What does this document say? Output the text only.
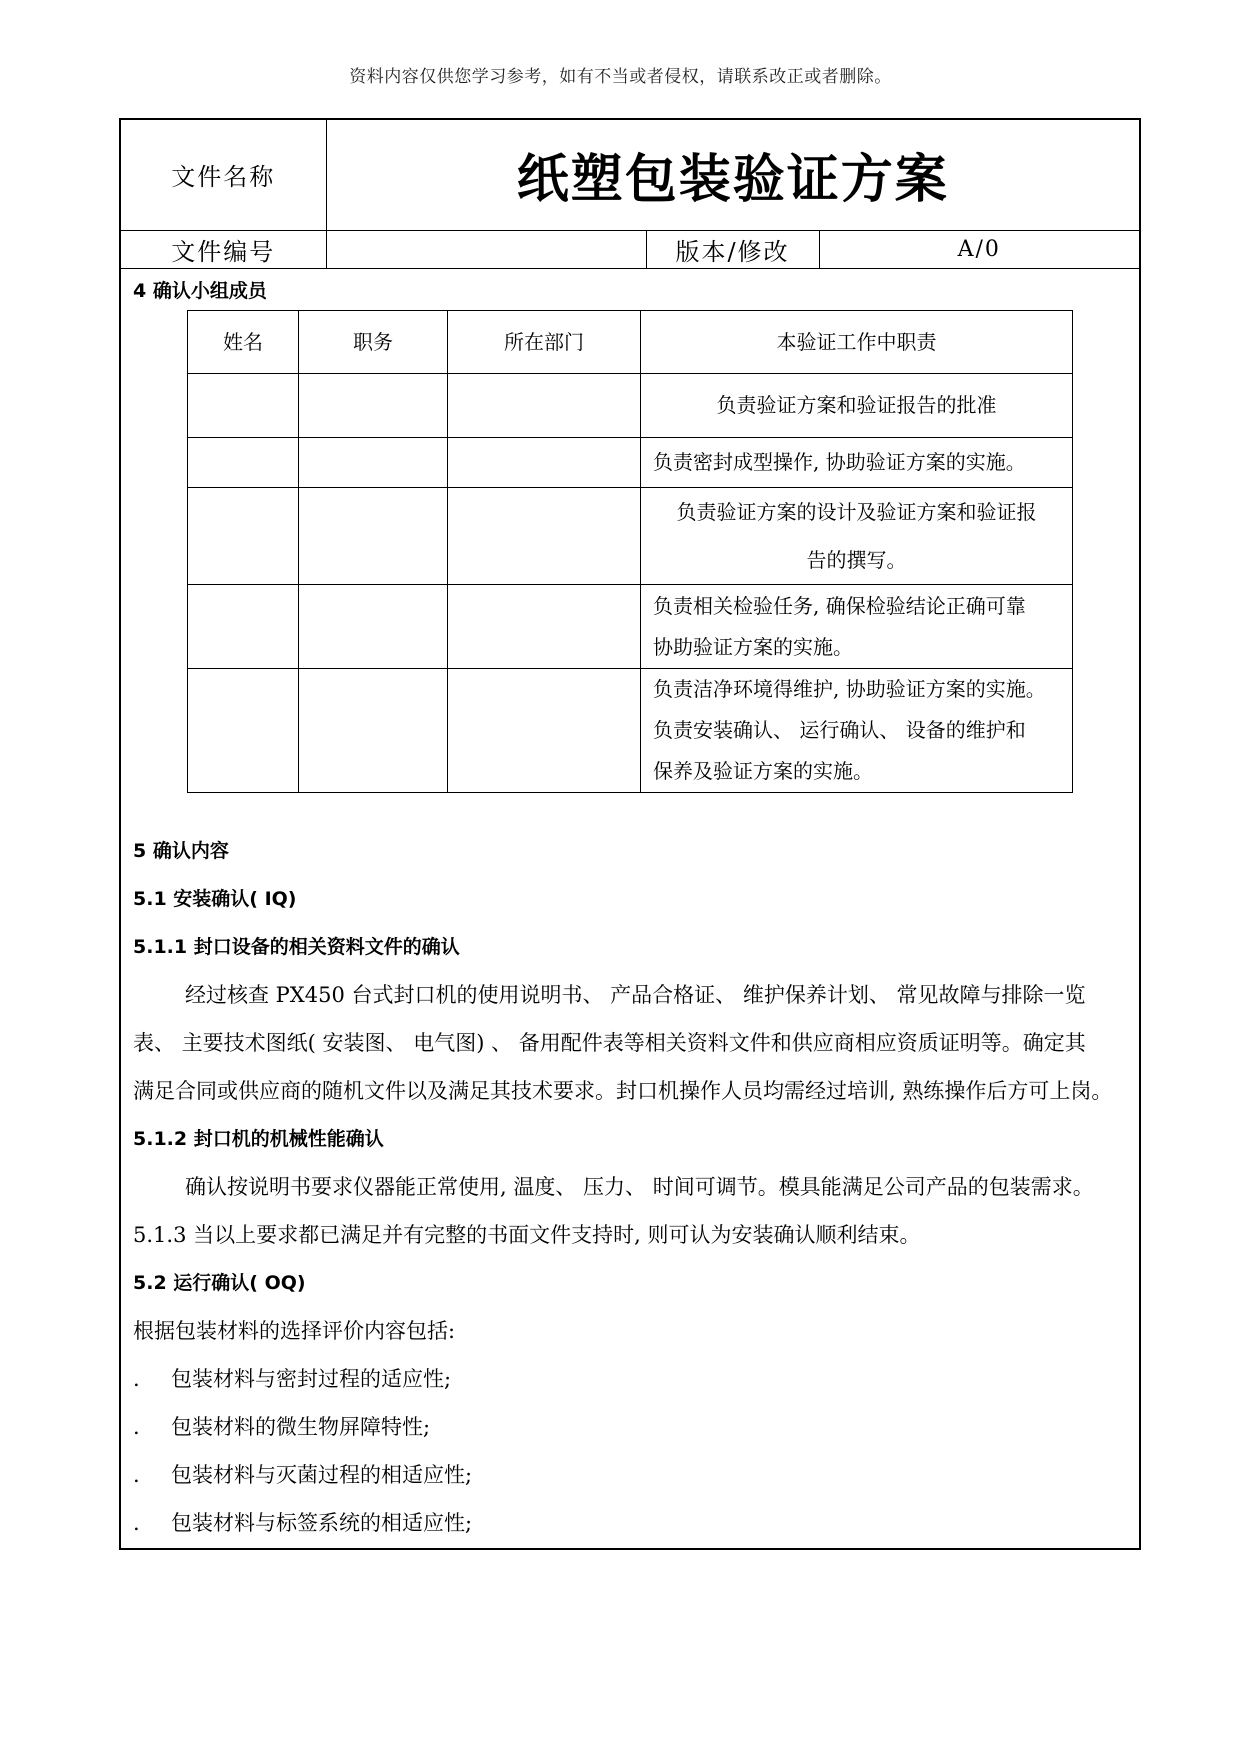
资料内容仅供您学习参考，如有不当或者侵权，请联系改正或者删除。
文件名称	纸塑包装验证方案		
文件编号		版本/修改	A/0
4 确认小组成员
姓名	职务	所在部门	本验证工作中职责

			负责验证方案和验证报告的批准

			负责密封成型操作, 协助验证方案的实施。

			负责验证方案的设计及验证方案和验证报
告的撰写。

			负责相关检验任务, 确保检验结论正确可靠
协助验证方案的实施。

			负责洁净环境得维护, 协助验证方案的实施。
负责安装确认、 运行确认、 设备的维护和
保养及验证方案的实施。
5 确认内容
5.1 安装确认( IQ)
5.1.1 封口设备的相关资料文件的确认
经过核查 PX450 台式封口机的使用说明书、 产品合格证、 维护保养计划、 常见故障与排除一览
表、 主要技术图纸( 安装图、 电气图) 、 备用配件表等相关资料文件和供应商相应资质证明等。确定其
满足合同或供应商的随机文件以及满足其技术要求。封口机操作人员均需经过培训, 熟练操作后方可上岗。
5.1.2 封口机的机械性能确认
确认按说明书要求仪器能正常使用, 温度、 压力、 时间可调节。模具能满足公司产品的包装需求。
5.1.3 当以上要求都已满足并有完整的书面文件支持时, 则可认为安装确认顺利结束。
5.2 运行确认( OQ)
根据包装材料的选择评价内容包括:
.	包装材料与密封过程的适应性;
.	包装材料的微生物屏障特性;
.	包装材料与灭菌过程的相适应性;
.	包装材料与标签系统的相适应性;
